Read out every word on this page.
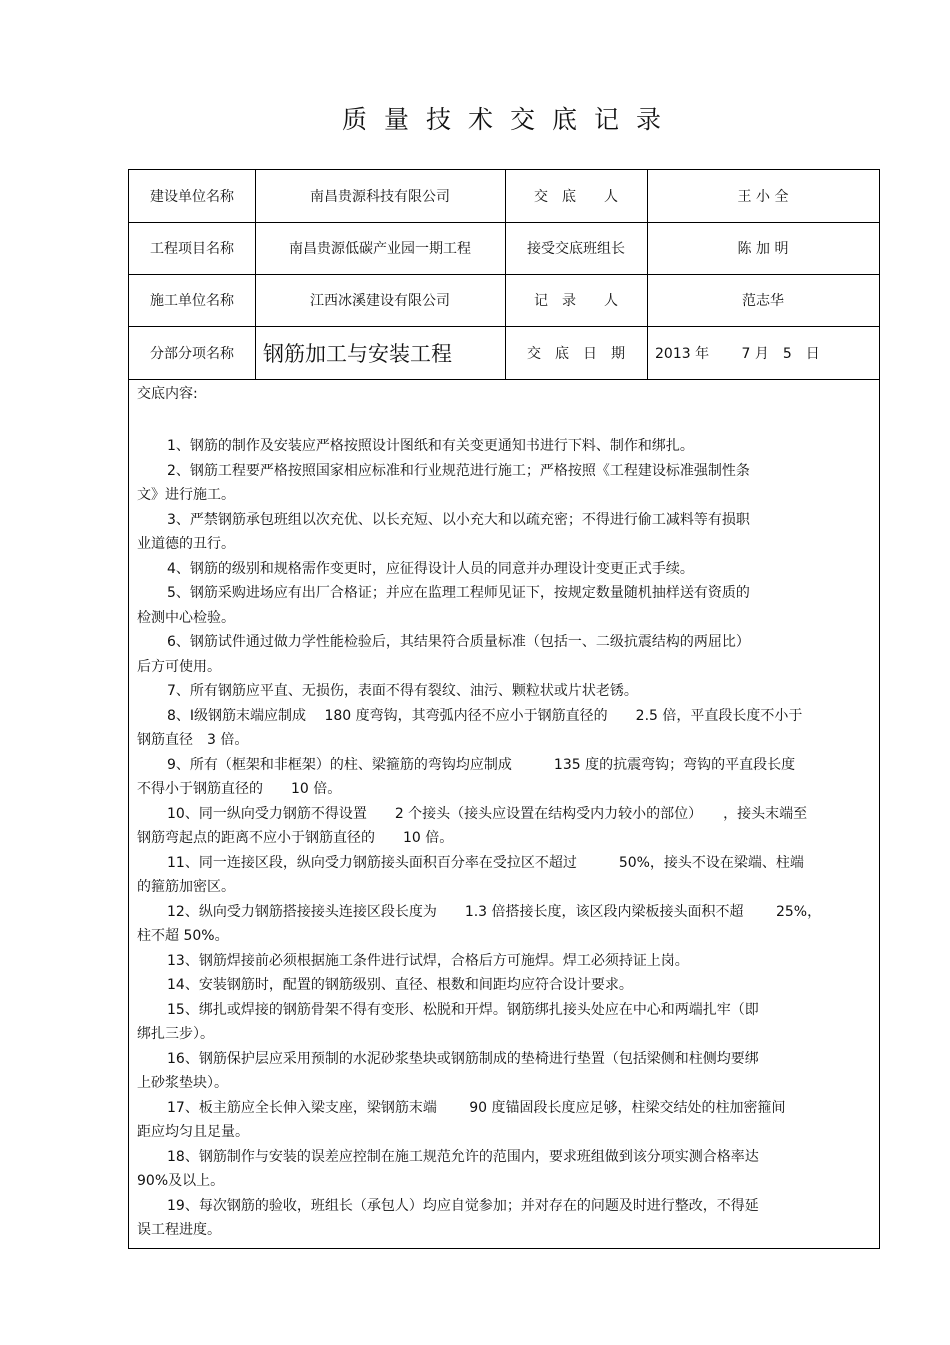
质量技术交底记录
建设单位名称	南昌贵源科技有限公司	交　底　　人	王 小 全
工程项目名称	南昌贵源低碳产业园一期工程	接受交底班组长	陈 加 明
施工单位名称	江西冰溪建设有限公司	记　录　　人	范志华
分部分项名称	钢筋加工与安装工程	交　底　日　期	2013 年　　 7 月　5　日

交底内容:

1、钢筋的制作及安装应严格按照设计图纸和有关变更通知书进行下料、制作和绑扎。
2、钢筋工程要严格按照国家相应标准和行业规范进行施工；严格按照《工程建设标准强制性条
文》进行施工。
3、严禁钢筋承包班组以次充优、以长充短、以小充大和以疏充密；不得进行偷工减料等有损职
业道德的丑行。
4、钢筋的级别和规格需作变更时，应征得设计人员的同意并办理设计变更正式手续。
5、钢筋采购进场应有出厂合格证；并应在监理工程师见证下，按规定数量随机抽样送有资质的
检测中心检验。
6、钢筋试件通过做力学性能检验后，其结果符合质量标准（包括一、二级抗震结构的两屈比）
后方可使用。
7、所有钢筋应平直、无损伤，表面不得有裂纹、油污、颗粒状或片状老锈。
8、Ⅰ级钢筋末端应制成　 180 度弯钩，其弯弧内径不应小于钢筋直径的　　2.5 倍，平直段长度不小于
钢筋直径　3 倍。
9、所有（框架和非框架）的柱、梁箍筋的弯钩均应制成　　　135 度的抗震弯钩；弯钩的平直段长度
不得小于钢筋直径的　　10 倍。
10、同一纵向受力钢筋不得设置　　2 个接头（接头应设置在结构受内力较小的部位）　　，接头末端至
钢筋弯起点的距离不应小于钢筋直径的　　10 倍。
11、同一连接区段，纵向受力钢筋接头面积百分率在受拉区不超过　　　50%，接头不设在梁端、柱端
的箍筋加密区。
12、纵向受力钢筋搭接接头连接区段长度为　　1.3 倍搭接长度，该区段内梁板接头面积不超　　 25%，
柱不超 50%。
13、钢筋焊接前必须根据施工条件进行试焊，合格后方可施焊。焊工必须持证上岗。
14、安装钢筋时，配置的钢筋级别、直径、根数和间距均应符合设计要求。
15、绑扎或焊接的钢筋骨架不得有变形、松脱和开焊。钢筋绑扎接头处应在中心和两端扎牢（即
绑扎三步）。
16、钢筋保护层应采用预制的水泥砂浆垫块或钢筋制成的垫椅进行垫置（包括梁侧和柱侧均要绑
上砂浆垫块）。
17、板主筋应全长伸入梁支座，梁钢筋末端　　 90 度锚固段长度应足够，柱梁交结处的柱加密箍间
距应均匀且足量。
18、钢筋制作与安装的误差应控制在施工规范允许的范围内，要求班组做到该分项实测合格率达
90%及以上。
19、每次钢筋的验收，班组长（承包人）均应自觉参加；并对存在的问题及时进行整改，不得延
误工程进度。
